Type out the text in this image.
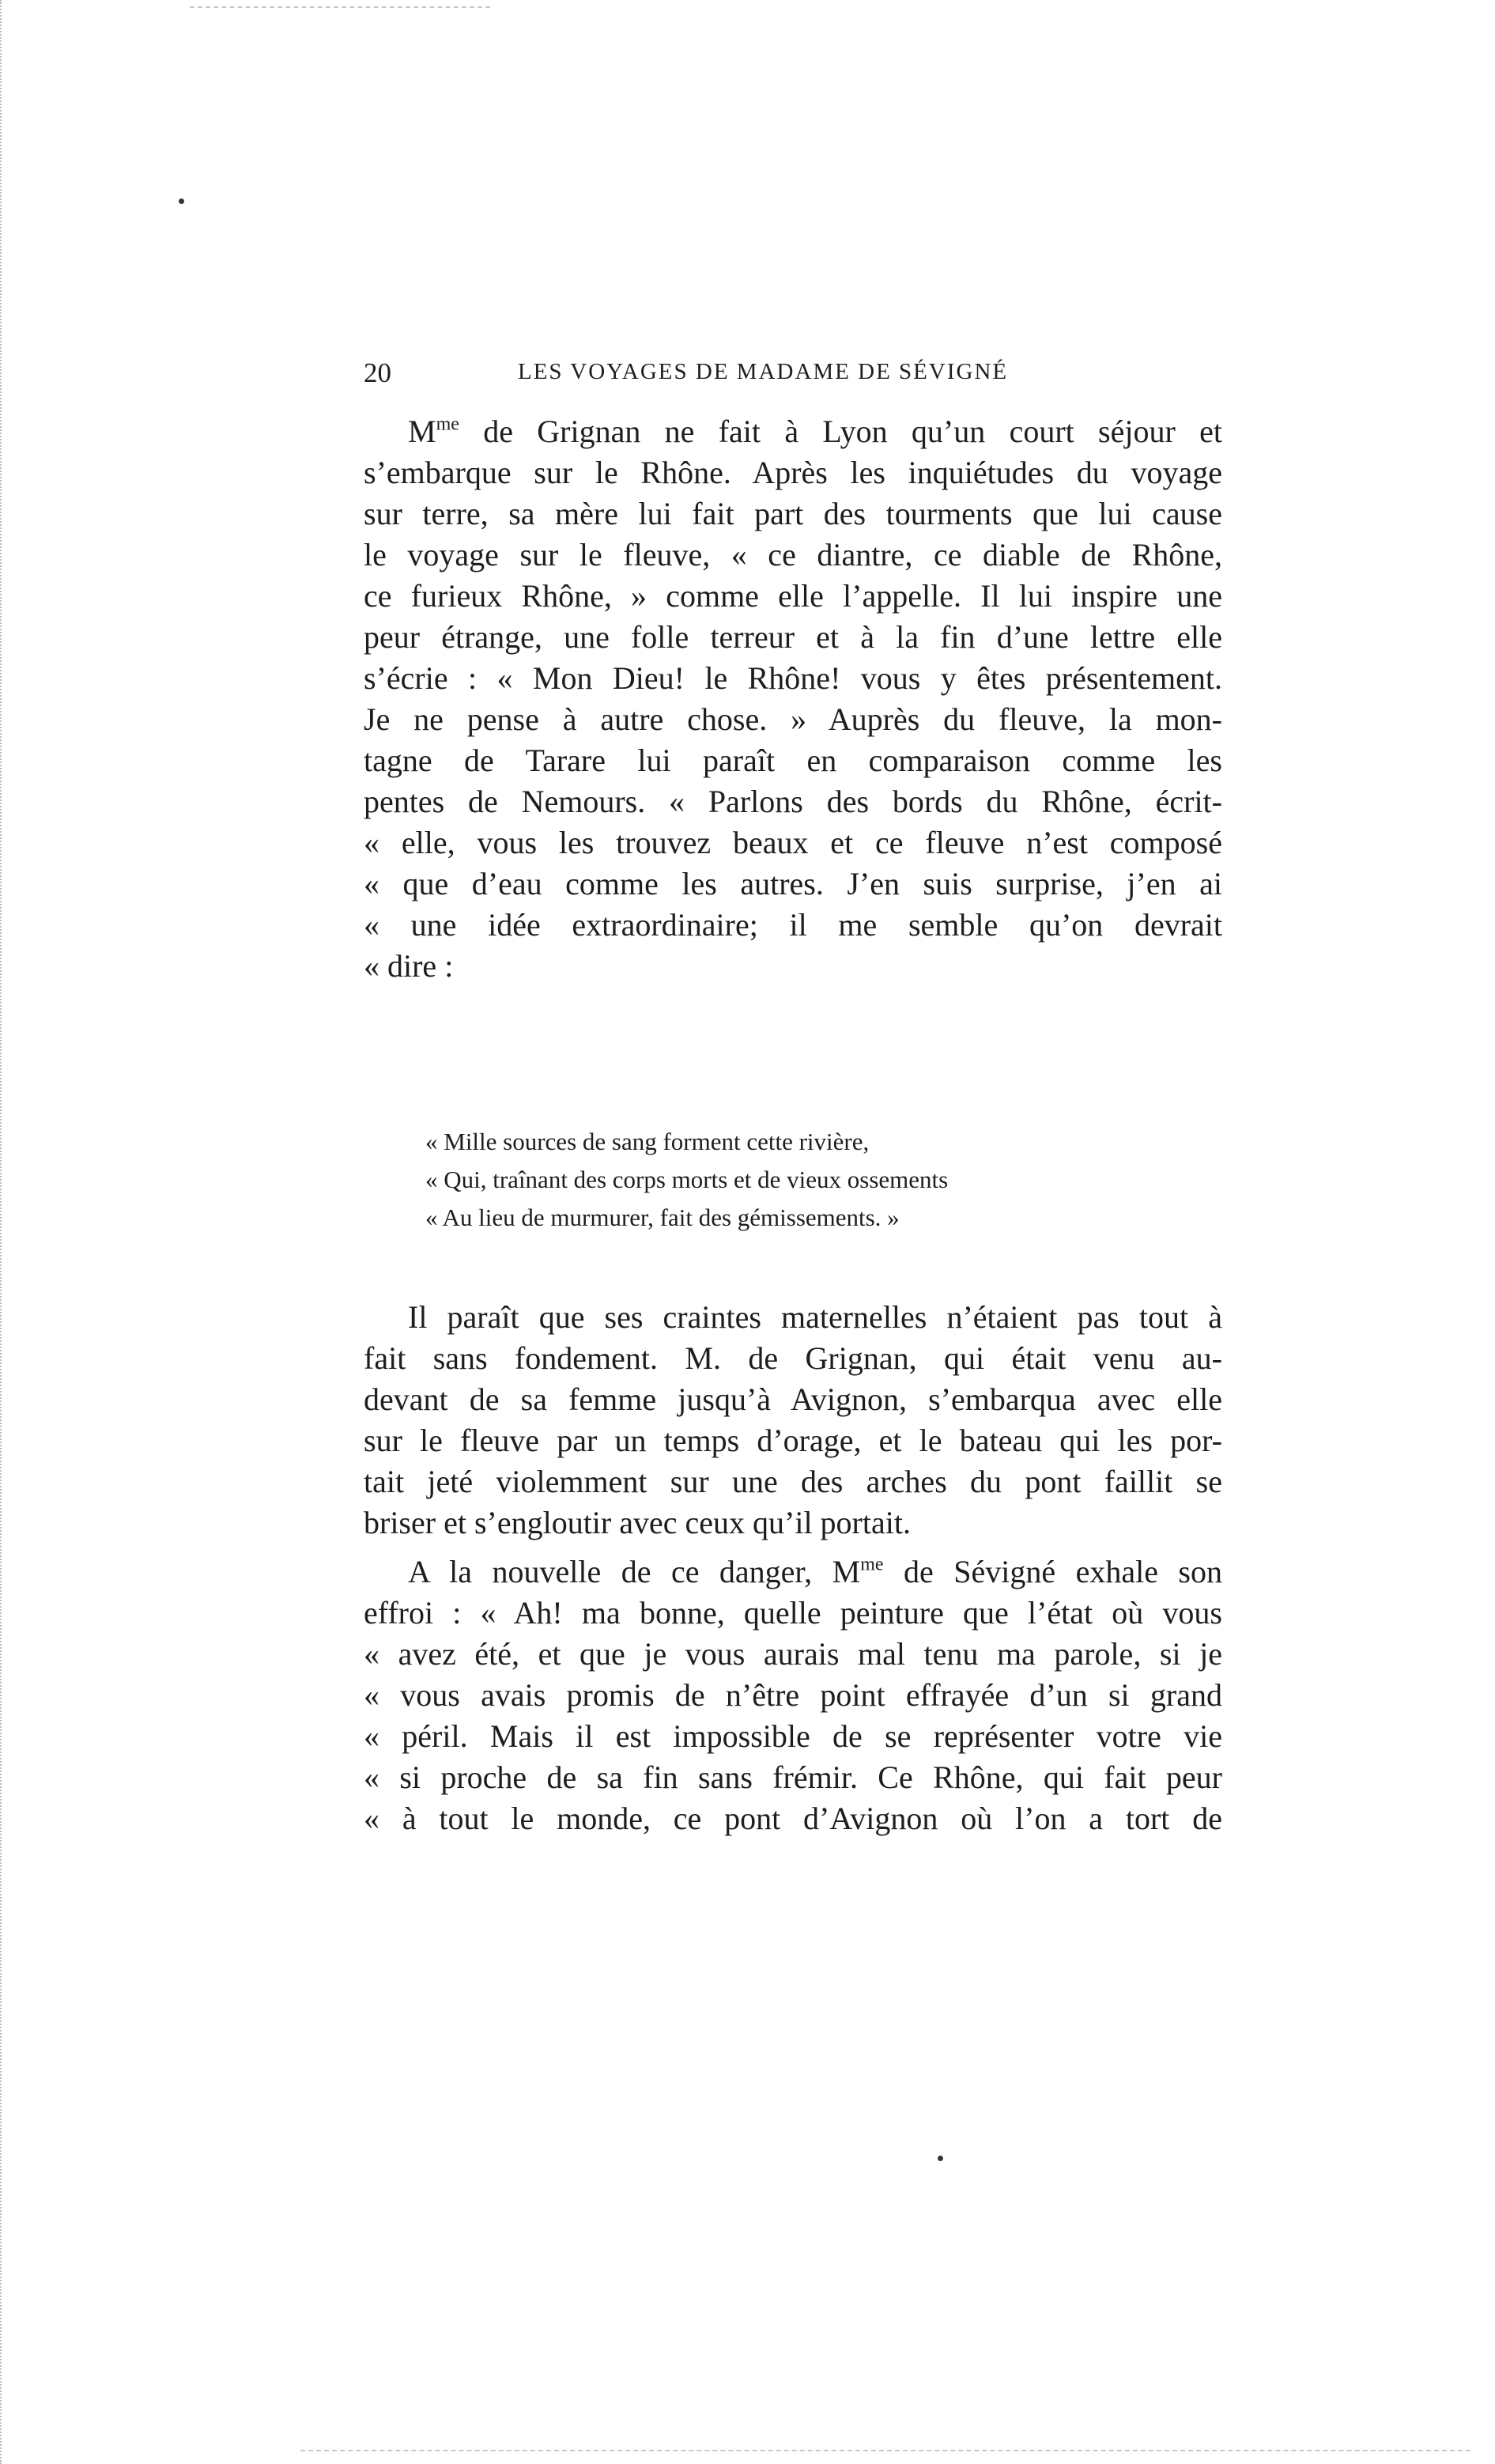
20	LES VOYAGES DE MADAME DE SÉVIGNÉ
$M^{me}$ de Grignan ne fait à Lyon qu’un court séjour et
s’embarque sur le Rhône. Après les inquiétudes du voyage
sur terre, sa mère lui fait part des tourments que lui cause
le voyage sur le fleuve, « ce diantre, ce diable de Rhône,
ce furieux Rhône, » comme elle l’appelle. Il lui inspire une
peur étrange, une folle terreur et à la fin d’une lettre elle
s’écrie : « Mon Dieu! le Rhône! vous y êtes présentement.
Je ne pense à autre chose. » Auprès du fleuve, la mon-
tagne de Tarare lui paraît en comparaison comme les
pentes de Nemours. « Parlons des bords du Rhône, écrit-
« elle, vous les trouvez beaux et ce fleuve n’est composé
« que d’eau comme les autres. J’en suis surprise, j’en ai
« une idée extraordinaire; il me semble qu’on devrait
« dire :
« Mille sources de sang forment cette rivière,
« Qui, traînant des corps morts et de vieux ossements
« Au lieu de murmurer, fait des gémissements. »
Il paraît que ses craintes maternelles n’étaient pas tout à
fait sans fondement. M. de Grignan, qui était venu au-
devant de sa femme jusqu’à Avignon, s’embarqua avec elle
sur le fleuve par un temps d’orage, et le bateau qui les por-
tait jeté violemment sur une des arches du pont faillit se
briser et s’engloutir avec ceux qu’il portait.
A la nouvelle de ce danger, $M^{me}$ de Sévigné exhale son
effroi : « Ah! ma bonne, quelle peinture que l’état où vous
« avez été, et que je vous aurais mal tenu ma parole, si je
« vous avais promis de n’être point effrayée d’un si grand
« péril. Mais il est impossible de se représenter votre vie
« si proche de sa fin sans frémir. Ce Rhône, qui fait peur
« à tout le monde, ce pont d’Avignon où l’on a tort de
